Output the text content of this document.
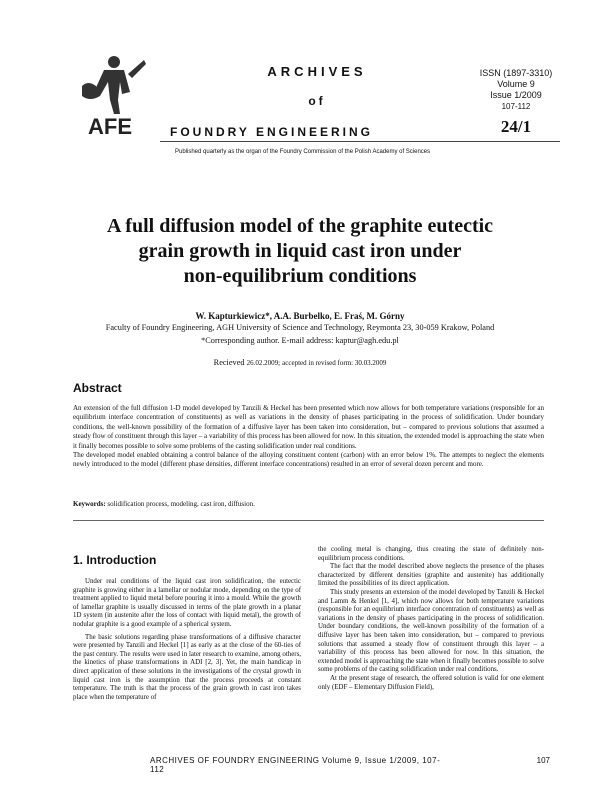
AFE
ARCHIVES
of
FOUNDRY ENGINEERING
ISSN (1897-3310)
Volume 9
Issue 1/2009
107-112
24/1
Published quarterly as the organ of the Foundry Commission of the Polish Academy of Sciences
A full diffusion model of the graphite eutectic
grain growth in liquid cast iron under
non-equilibrium conditions
W. Kapturkiewicz*, A.A. Burbelko, E. Fraś, M. Górny
Faculty of Foundry Engineering, AGH University of Science and Technology, Reymonta 23, 30-059 Krakow, Poland
*Corresponding author. E-mail address: kaptur@agh.edu.pl
Recieved 26.02.2009; accepted in revised form: 30.03.2009
Abstract

An extension of the full diffusion 1-D model developed by Tanzili & Heckel has been presented which now allows for both temperature variations (responsible for an equilibrium interface concentration of constituents) as well as variations in the density of phases participating in the process of solidification. Under boundary conditions, the well-known possibility of the formation of a diffusive layer has been taken into consideration, but – compared to previous solutions that assumed a steady flow of constituent through this layer – a variability of this process has been allowed for now. In this situation, the extended model is approaching the state when it finally becomes possible to solve some problems of the casting solidification under real conditions.

The developed model enabled obtaining a control balance of the alloying constituent content (carbon) with an error below 1%. The attempts to neglect the elements newly introduced to the model (different phase densities, different interface concentrations) resulted in an error of several dozen percent and more.

Keywords: solidification process, modeling, cast iron, diffusion.
1. Introduction

Under real conditions of the liquid cast iron solidification, the eutectic graphite is growing either in a lamellar or nodular mode, depending on the type of treatment applied to liquid metal before pouring it into a mould. While the growth of lamellar graphite is usually discussed in terms of the plate growth in a planar 1D system (in austenite after the loss of contact with liquid metal), the growth of nodular graphite is a good example of a spherical system.

The basic solutions regarding phase transformations of a diffusive character were presented by Tanzili and Heckel [1] as early as at the close of the 60-ties of the past century. The results were used in later research to examine, among others, the kinetics of phase transformations in ADI [2, 3]. Yet, the main handicap in direct application of these solutions in the investigations of the crystal growth in liquid cast iron is the assumption that the process proceeds at constant temperature. The truth is that the process of the grain growth in cast iron takes place when the temperature of

the cooling metal is changing, thus creating the state of definitely non-equilibrium process conditions.

The fact that the model described above neglects the presence of the phases characterized by different densities (graphite and austenite) has additionally limited the possibilities of its direct application.

This study presents an extension of the model developed by Tanzili & Heckel and Lamm & Henkel [1, 4], which now allows for both temperature variations (responsible for an equilibrium interface concentration of constituents) as well as variations in the density of phases participating in the process of solidification. Under boundary conditions, the well-known possibility of the formation of a diffusive layer has been taken into consideration, but – compared to previous solutions that assumed a steady flow of constituent through this layer – a variability of this process has been allowed for now. In this situation, the extended model is approaching the state when it finally becomes possible to solve some problems of the casting solidification under real conditions.

At the present stage of research, the offered solution is valid for one element only (EDF – Elementary Diffusion Field),

ARCHIVES OF FOUNDRY ENGINEERING Volume 9, Issue 1/2009, 107-112
107
